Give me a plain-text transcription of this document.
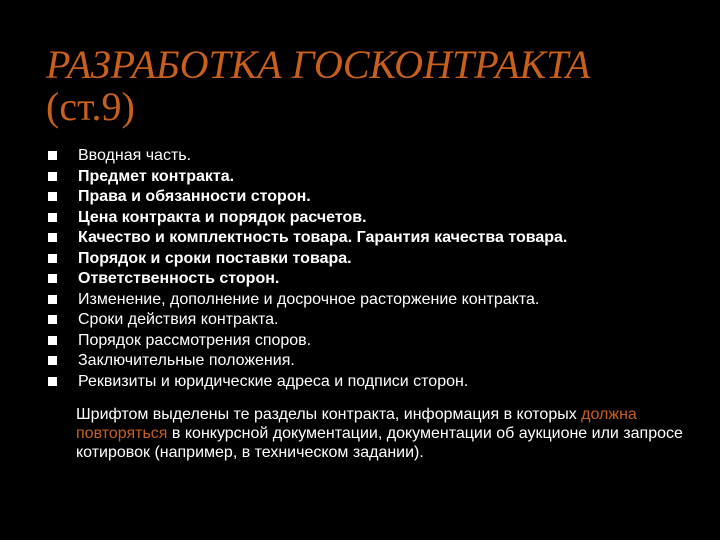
РАЗРАБОТКА ГОСКОНТРАКТА
(ст.9)
Вводная часть.
Предмет контракта.
Права и обязанности сторон.
Цена контракта и порядок расчетов.
Качество и комплектность товара. Гарантия качества товара.
Порядок и сроки поставки товара.
Ответственность сторон.
Изменение, дополнение и досрочное расторжение контракта.
Сроки действия контракта.
Порядок рассмотрения споров.
Заключительные положения.
Реквизиты и юридические адреса и подписи сторон.

Шрифтом выделены те разделы контракта, информация в которых должна повторяться в конкурсной документации, документации об аукционе или запросе котировок (например, в техническом задании).
